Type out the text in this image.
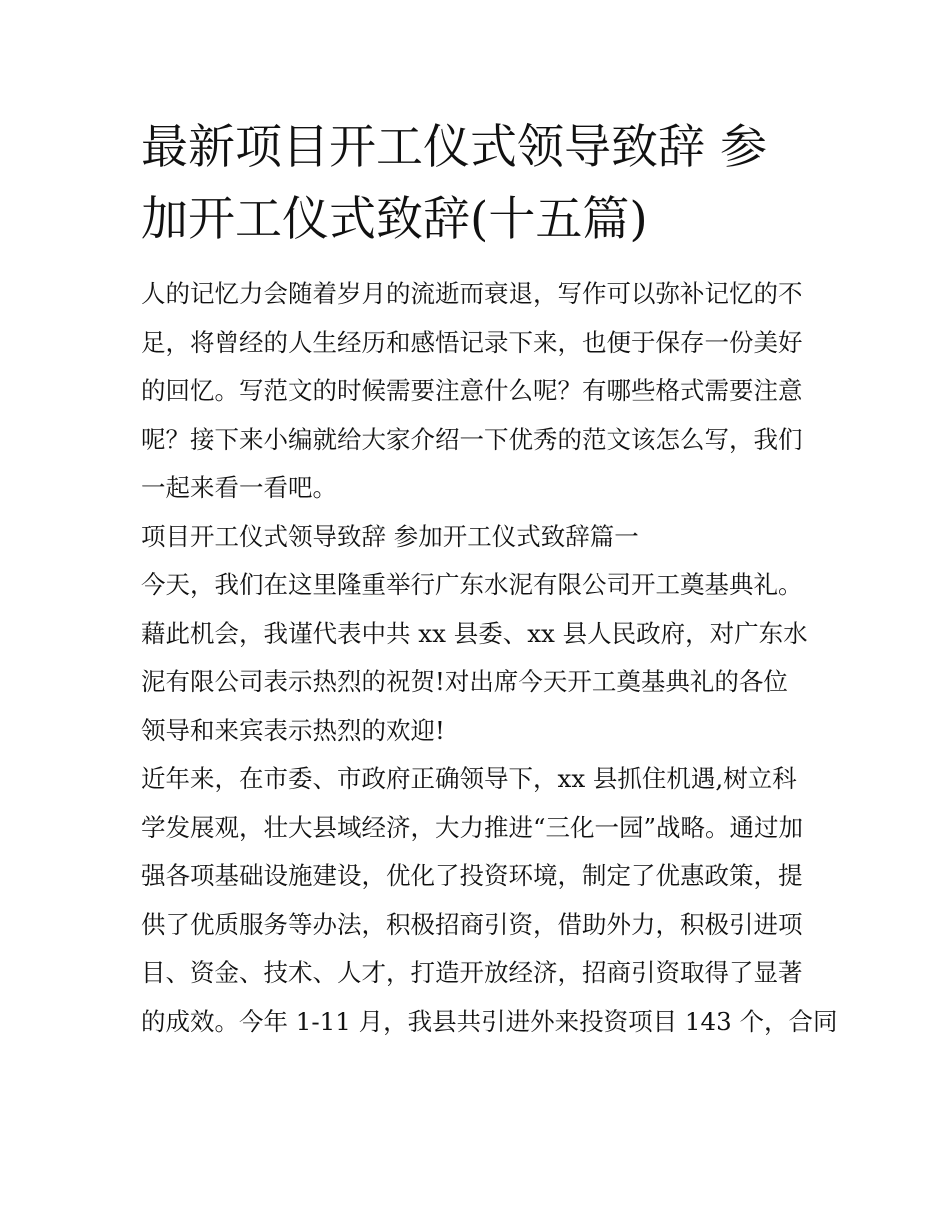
最新项目开工仪式领导致辞 参
加开工仪式致辞(十五篇)
人的记忆力会随着岁月的流逝而衰退，写作可以弥补记忆的不
足，将曾经的人生经历和感悟记录下来，也便于保存一份美好
的回忆。写范文的时候需要注意什么呢？有哪些格式需要注意
呢？接下来小编就给大家介绍一下优秀的范文该怎么写，我们
一起来看一看吧。
项目开工仪式领导致辞 参加开工仪式致辞篇一
今天，我们在这里隆重举行广东水泥有限公司开工奠基典礼。
藉此机会，我谨代表中共 xx 县委、xx 县人民政府，对广东水
泥有限公司表示热烈的祝贺!对出席今天开工奠基典礼的各位
领导和来宾表示热烈的欢迎!
近年来，在市委、市政府正确领导下，xx 县抓住机遇,树立科
学发展观，壮大县域经济，大力推进“三化一园”战略。通过加
强各项基础设施建设，优化了投资环境，制定了优惠政策，提
供了优质服务等办法，积极招商引资，借助外力，积极引进项
目、资金、技术、人才，打造开放经济，招商引资取得了显著
的成效。今年 1-11 月，我县共引进外来投资项目 143 个，合同
